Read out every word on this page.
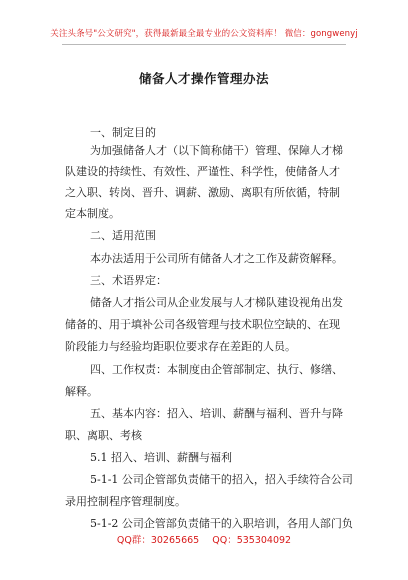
关注头条号"公文研究"，获得最新最全最专业的公文资料库！ 微信：gongwenyj
储备人才操作管理办法
一、制定目的
为加强储备人才（以下简称储干）管理、保障人才梯
队建设的持续性、有效性、严谨性、科学性，使储备人才
之入职、转岗、晋升、调薪、激励、离职有所依循，特制
定本制度。
二、适用范围
本办法适用于公司所有储备人才之工作及薪资解释。
三、术语界定：
储备人才指公司从企业发展与人才梯队建设视角出发
储备的、用于填补公司各级管理与技术职位空缺的、在现
阶段能力与经验均距职位要求存在差距的人员。
四、工作权责：本制度由企管部制定、执行、修缮、
解释。
五、基本内容：招入、培训、薪酬与福利、晋升与降
职、离职、考核
5.1 招入、培训、薪酬与福利
5-1-1 公司企管部负责储干的招入，招入手续符合公司
录用控制程序管理制度。
5-1-2 公司企管部负责储干的入职培训，各用人部门负
QQ群：30265665 QQ：535304092
